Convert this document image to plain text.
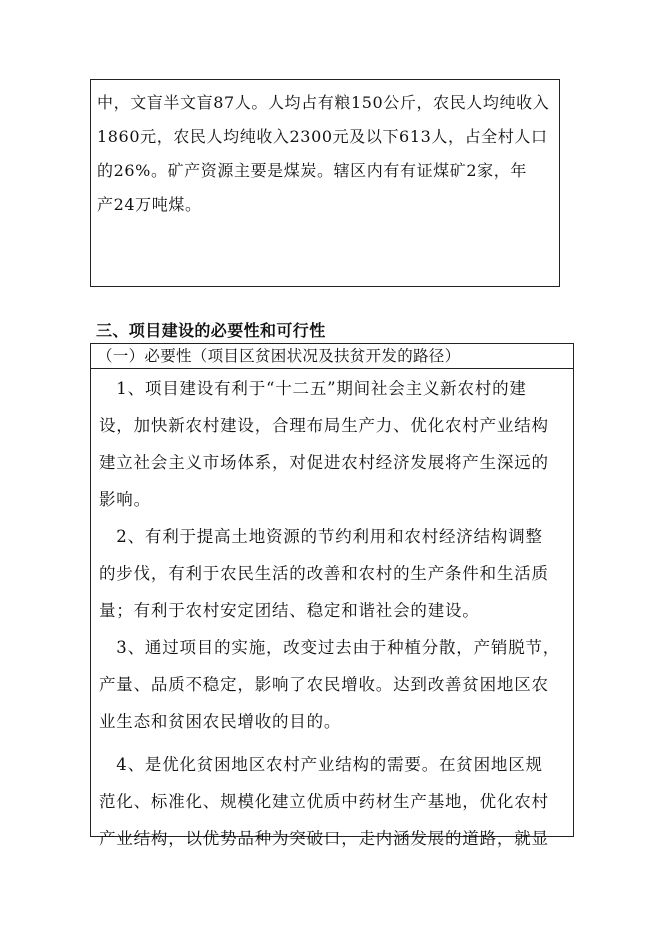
中，文盲半文盲87人。人均占有粮150公斤，农民人均纯收入
1860元，农民人均纯收入2300元及以下613人，占全村人口
的26%。矿产资源主要是煤炭。辖区内有有证煤矿2家，年
产24万吨煤。
三、项目建设的必要性和可行性
（一）必要性（项目区贫困状况及扶贫开发的路径）
　1、项目建设有利于“十二五”期间社会主义新农村的建
设，加快新农村建设，合理布局生产力、优化农村产业结构
建立社会主义市场体系，对促进农村经济发展将产生深远的
影响。
　2、有利于提高土地资源的节约利用和农村经济结构调整
的步伐，有利于农民生活的改善和农村的生产条件和生活质
量；有利于农村安定团结、稳定和谐社会的建设。
　3、通过项目的实施，改变过去由于种植分散，产销脱节，
产量、品质不稳定，影响了农民增收。达到改善贫困地区农
业生态和贫困农民增收的目的。
　4、是优化贫困地区农村产业结构的需要。在贫困地区规
范化、标准化、规模化建立优质中药材生产基地，优化农村
产业结构，以优势品种为突破口，走内涵发展的道路，就显
